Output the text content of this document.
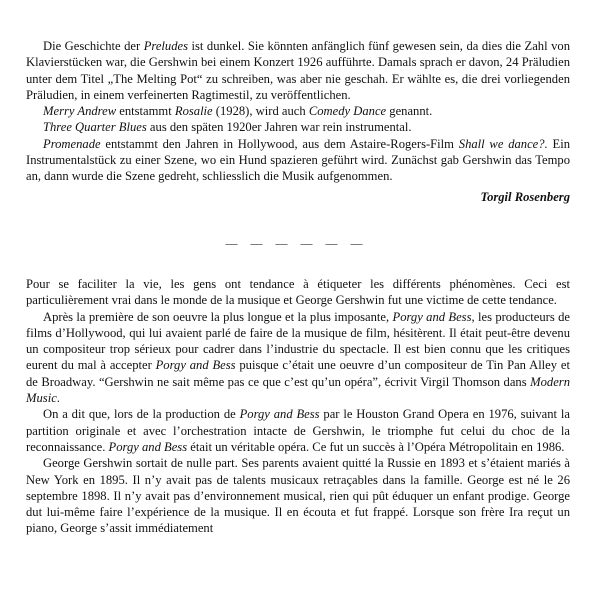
Die Geschichte der Preludes ist dunkel. Sie könnten anfänglich fünf gewesen sein, da dies die Zahl von Klavierstücken war, die Gershwin bei einem Konzert 1926 aufführte. Damals sprach er davon, 24 Präludien unter dem Titel „The Melting Pot“ zu schreiben, was aber nie geschah. Er wählte es, die drei vorliegenden Präludien, in einem verfeinerten Ragtimestil, zu veröffentlichen.

Merry Andrew entstammt Rosalie (1928), wird auch Comedy Dance genannt.

Three Quarter Blues aus den späten 1920er Jahren war rein instrumental.

Promenade entstammt den Jahren in Hollywood, aus dem Astaire-Rogers-Film Shall we dance?. Ein Instrumentalstück zu einer Szene, wo ein Hund spazieren geführt wird. Zunächst gab Gershwin das Tempo an, dann wurde die Szene gedreht, schliesslich die Musik aufgenommen.

Torgil Rosenberg

— — — — — —

Pour se faciliter la vie, les gens ont tendance à étiqueter les différents phénomènes. Ceci est particulièrement vrai dans le monde de la musique et George Gershwin fut une victime de cette tendance.

Après la première de son oeuvre la plus longue et la plus imposante, Porgy and Bess, les producteurs de films d’Hollywood, qui lui avaient parlé de faire de la musique de film, hésitèrent. Il était peut-être devenu un compositeur trop sérieux pour cadrer dans l’industrie du spectacle. Il est bien connu que les critiques eurent du mal à accepter Porgy and Bess puisque c’était une oeuvre d’un compositeur de Tin Pan Alley et de Broadway. “Gershwin ne sait même pas ce que c’est qu’un opéra”, écrivit Virgil Thomson dans Modern Music.

On a dit que, lors de la production de Porgy and Bess par le Houston Grand Opera en 1976, suivant la partition originale et avec l’orchestration intacte de Gershwin, le triomphe fut celui du choc de la reconnaissance. Porgy and Bess était un véritable opéra. Ce fut un succès à l’Opéra Métropolitain en 1986.

George Gershwin sortait de nulle part. Ses parents avaient quitté la Russie en 1893 et s’étaient mariés à New York en 1895. Il n’y avait pas de talents musicaux retraçables dans la famille. George est né le 26 septembre 1898. Il n’y avait pas d’environnement musical, rien qui pût éduquer un enfant prodige. George dut lui-même faire l’expérience de la musique. Il en écouta et fut frappé. Lorsque son frère Ira reçut un piano, George s’assit immédiatement
